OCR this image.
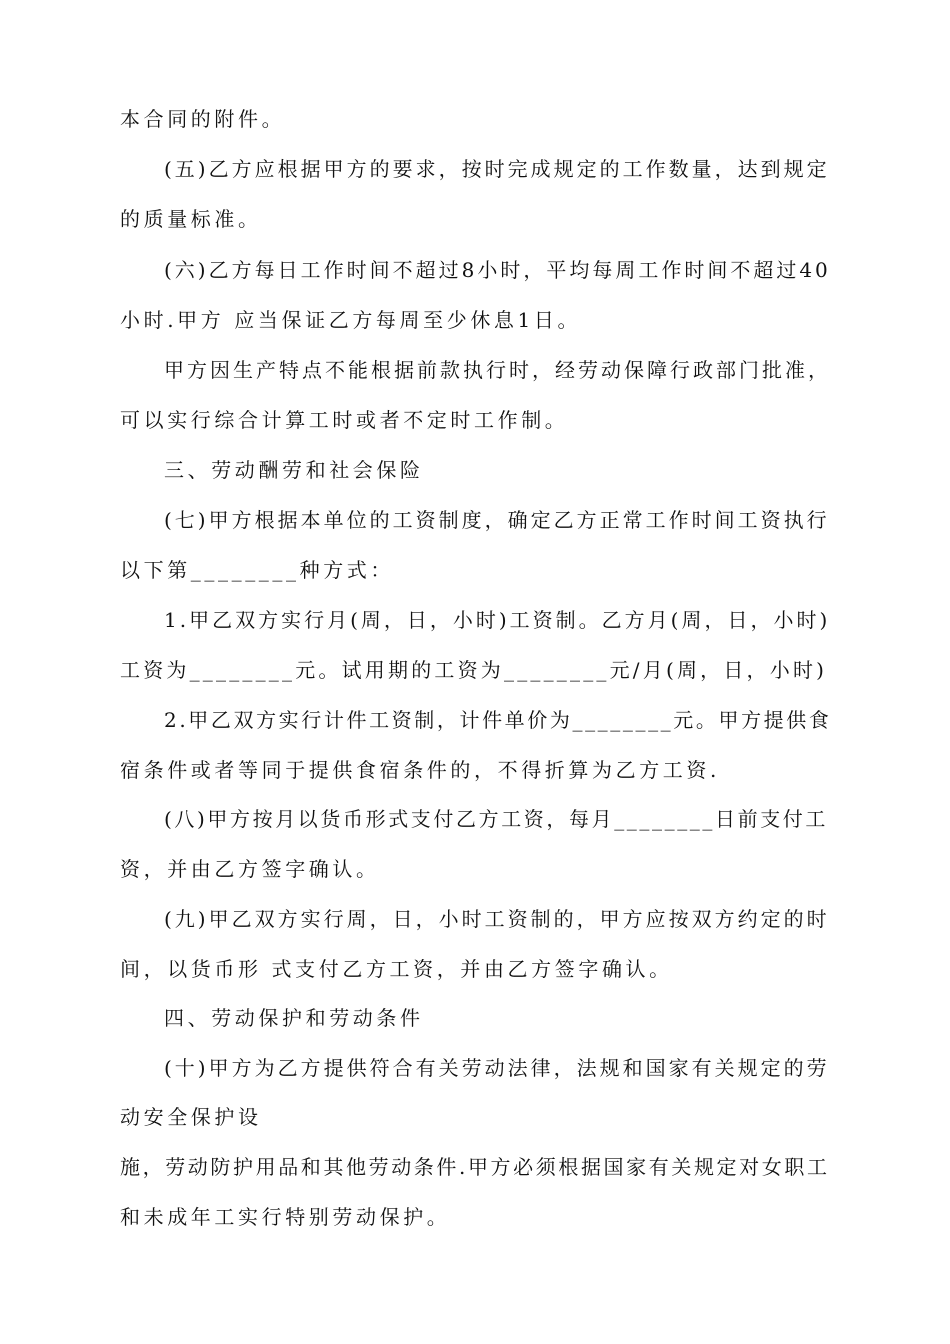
本合同的附件。
(五)乙方应根据甲方的要求，按时完成规定的工作数量，达到规定
的质量标准。
(六)乙方每日工作时间不超过8小时，平均每周工作时间不超过40
小时.甲方 应当保证乙方每周至少休息1日。
甲方因生产特点不能根据前款执行时，经劳动保障行政部门批准，
可以实行综合计算工时或者不定时工作制。
三、劳动酬劳和社会保险
(七)甲方根据本单位的工资制度，确定乙方正常工作时间工资执行
以下第________种方式：
1.甲乙双方实行月(周，日，小时)工资制。乙方月(周，日，小时)
工资为________元。试用期的工资为________元/月(周，日，小时)
2.甲乙双方实行计件工资制，计件单价为________元。甲方提供食
宿条件或者等同于提供食宿条件的，不得折算为乙方工资.
(八)甲方按月以货币形式支付乙方工资，每月________日前支付工
资，并由乙方签字确认。
(九)甲乙双方实行周，日，小时工资制的，甲方应按双方约定的时
间，以货币形 式支付乙方工资，并由乙方签字确认。
四、劳动保护和劳动条件
(十)甲方为乙方提供符合有关劳动法律，法规和国家有关规定的劳
动安全保护设
施，劳动防护用品和其他劳动条件.甲方必须根据国家有关规定对女职工
和未成年工实行特别劳动保护。
